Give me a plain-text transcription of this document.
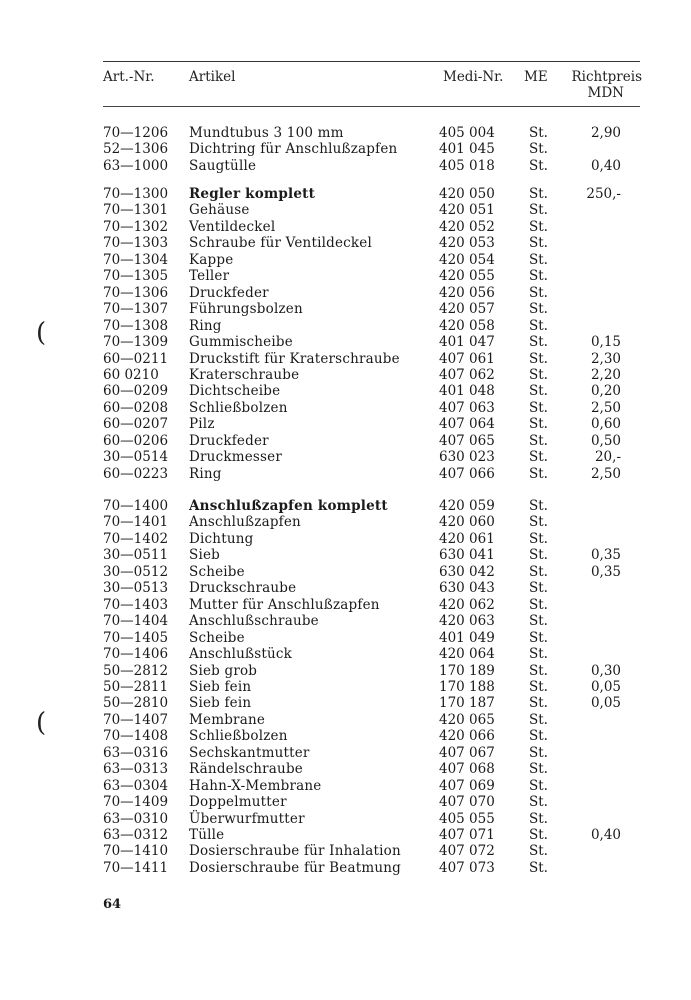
Art.-Nr.	Artikel	Medi-Nr. ME Richtpreis
MDN
70—1206 Mundtubus 3 100 mm	405 004	St.	2,90
52—1306 Dichtring für Anschlußzapfen	401 045	St.
63—1000 Saugtülle	405 018	St.	0,40
70—1300 Regler komplett	420 050	St.	250,-
70—1301 Gehäuse	420 051	St.
70—1302 Ventildeckel	420 052	St.
70—1303 Schraube für Ventildeckel	420 053	St.
70—1304 Kappe	420 054	St.
70—1305 Teller	420 055	St.
70—1306 Druckfeder	420 056	St.
70—1307 Führungsbolzen	420 057	St.
70—1308 Ring	420 058	St.
70—1309 Gummischeibe	401 047	St.	0,15
60—0211 Druckstift für Kraterschraube	407 061	St.	2,30
60 0210 Kraterschraube	407 062	St.	2,20
60—0209 Dichtscheibe	401 048	St.	0,20
60—0208 Schließbolzen	407 063	St.	2,50
60—0207 Pilz	407 064	St.	0,60
60—0206 Druckfeder	407 065	St.	0,50
30—0514 Druckmesser	630 023	St.	20,-
60—0223 Ring	407 066	St.	2,50
70—1400 Anschlußzapfen komplett	420 059	St.
70—1401 Anschlußzapfen	420 060	St.
70—1402 Dichtung	420 061	St.
30—0511 Sieb	630 041	St.	0,35
30—0512 Scheibe	630 042	St.	0,35
30—0513 Druckschraube	630 043	St.
70—1403 Mutter für Anschlußzapfen	420 062	St.
70—1404 Anschlußschraube	420 063	St.
70—1405 Scheibe	401 049	St.
70—1406 Anschlußstück	420 064	St.
50—2812 Sieb grob	170 189	St.	0,30
50—2811 Sieb fein	170 188	St.	0,05
50—2810 Sieb fein	170 187	St.	0,05
70—1407 Membrane	420 065	St.
70—1408 Schließbolzen	420 066	St.
63—0316 Sechskantmutter	407 067	St.
63—0313 Rändelschraube	407 068	St.
63—0304 Hahn-X-Membrane	407 069	St.
70—1409 Doppelmutter	407 070	St.
63—0310 Überwurfmutter	405 055	St.
63—0312 Tülle	407 071	St.	0,40
70—1410 Dosierschraube für Inhalation	407 072	St.
70—1411 Dosierschraube für Beatmung	407 073	St.
(
(
64
